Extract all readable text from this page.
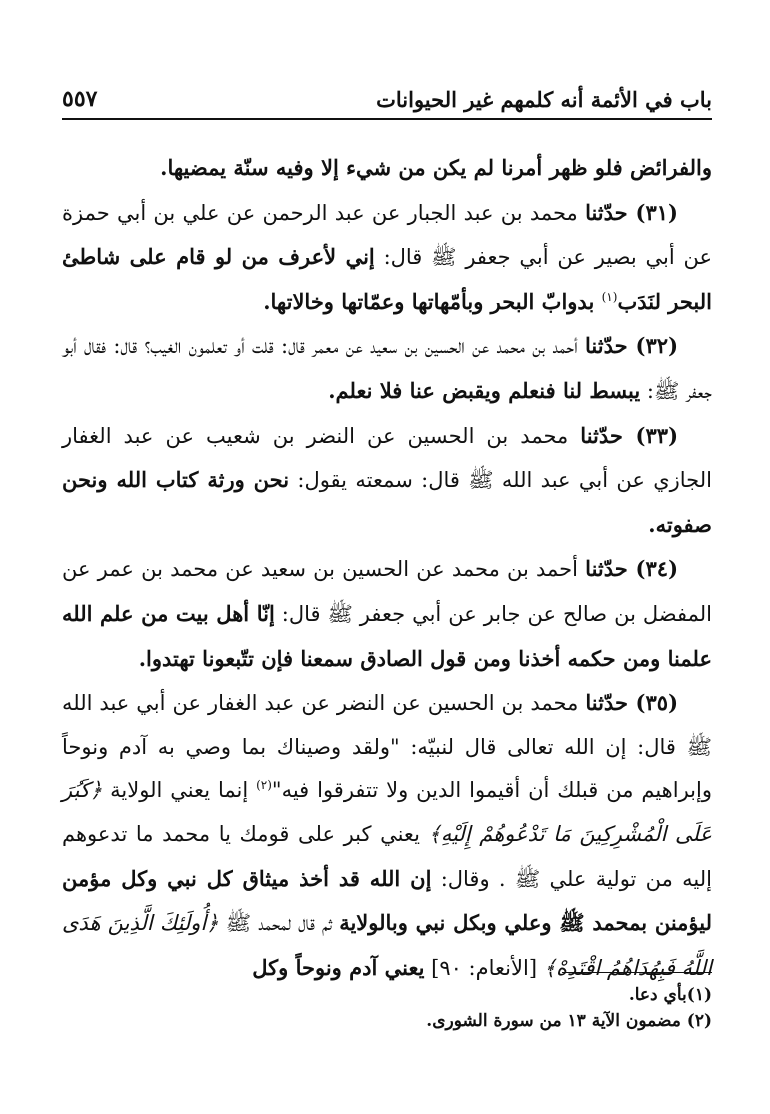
باب في الأئمة أنه كلمهم غير الحيوانات
٥٥٧

والفرائض فلو ظهر أمرنا لم يكن من شيء إلا وفيه سنّة يمضيها.

(٣١) حدّثنا محمد بن عبد الجبار عن عبد الرحمن عن علي بن أبي حمزة عن أبي بصير عن أبي جعفر ﷺ قال: إني لأعرف من لو قام على شاطئ البحر لنَدَب$^{(١)}$ بدوابّ البحر وبأمّهاتها وعمّاتها وخالاتها.

(٣٢) حدّثنا أحمد بن محمد عن الحسين بن سعيد عن معمر قال: قلت أو تعلمون الغيب؟ قال: فقال أبو جعفر ﷺ: يبسط لنا فنعلم ويقبض عنا فلا نعلم.

(٣٣) حدّثنا محمد بن الحسين عن النضر بن شعيب عن عبد الغفار الجازي عن أبي عبد الله ﷺ قال: سمعته يقول: نحن ورثة كتاب الله ونحن صفوته.

(٣٤) حدّثنا أحمد بن محمد عن الحسين بن سعيد عن محمد بن عمر عن المفضل بن صالح عن جابر عن أبي جعفر ﷺ قال: إنّا أهل بيت من علم الله علمنا ومن حكمه أخذنا ومن قول الصادق سمعنا فإن تتّبعونا تهتدوا.

(٣٥) حدّثنا محمد بن الحسين عن النضر عن عبد الغفار عن أبي عبد الله ﷺ قال: إن الله تعالى قال لنبيّه: "ولقد وصيناك بما وصي به آدم ونوحاً وإبراهيم من قبلك أن أقيموا الدين ولا تتفرقوا فيه"$^{(٢)}$ إنما يعني الولاية ﴿كَبُرَ عَلَى الْمُشْرِكِينَ مَا تَدْعُوهُمْ إِلَيْهِ﴾ يعني كبر على قومك يا محمد ما تدعوهم إليه من تولية علي ﷺ . وقال: إن الله قد أخذ ميثاق كل نبي وكل مؤمن ليؤمنن بمحمد ﷺ وعلي وبكل نبي وبالولاية ثم قال لمحمد ﷺ ﴿أُولَئِكَ الَّذِينَ هَدَى اللَّهُ فَبِهُدَاهُمُ اقْتَدِهْ﴾ [الأنعام: ٩٠] يعني آدم ونوحاً وكل

(١)بأي دعا.

(٢) مضمون الآية ١٣ من سورة الشورى.
